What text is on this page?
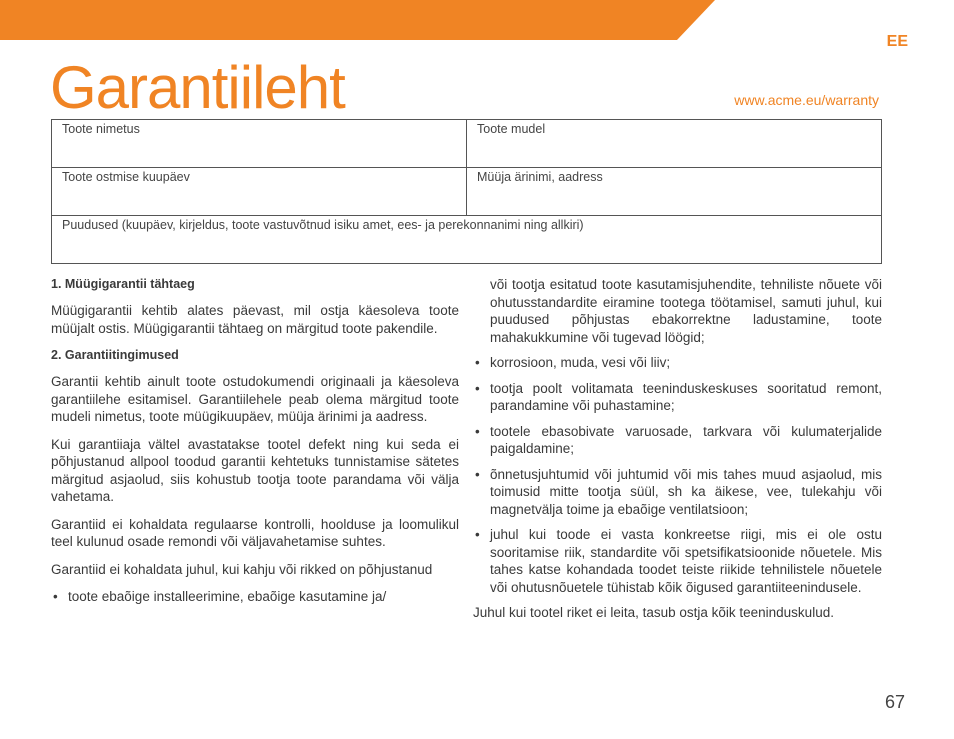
EE
Garantiileht	www.acme.eu/warranty
Toote nimetus	Toote mudel
Toote ostmise kuupäev	Müüja ärinimi, aadress
Puudused (kuupäev, kirjeldus, toote vastuvõtnud isiku amet, ees- ja perekonnanimi ning allkiri)	

1. Müügigarantii tähtaeg

Müügigarantii kehtib alates päevast, mil ostja käesoleva toote müüjalt ostis. Müügigarantii tähtaeg on märgitud toote pakendile.

2. Garantiitingimused

Garantii kehtib ainult toote ostudokumendi originaali ja käesoleva garantiilehe esitamisel. Garantiilehele peab olema märgitud toote mudeli nimetus, toote müügikuupäev, müüja ärinimi ja aadress.

Kui garantiiaja vältel avastatakse tootel defekt ning kui seda ei põhjustanud allpool toodud garantii kehtetuks tunnistamise sätetes märgitud asjaolud, siis kohustub tootja toote parandama või välja vahetama.

Garantiid ei kohaldata regulaarse kontrolli, hoolduse ja loomulikul teel kulunud osade remondi või väljavahetamise suhtes.

Garantiid ei kohaldata juhul, kui kahju või rikked on põhjustanud

• toote ebaõige installeerimine, ebaõige kasutamine ja/

või tootja esitatud toote kasutamisjuhendite, tehniliste nõuete või ohutusstandardite eiramine tootega töötamisel, samuti juhul, kui puudused põhjustas ebakorrektne ladustamine, toote mahakukkumine või tugevad löögid;

• korrosioon, muda, vesi või liiv;
• tootja poolt volitamata teeninduskeskuses sooritatud remont, parandamine või puhastamine;
• tootele ebasobivate varuosade, tarkvara või kulumaterjalide paigaldamine;
• õnnetusjuhtumid või juhtumid või mis tahes muud asjaolud, mis toimusid mitte tootja süül, sh ka äikese, vee, tulekahju või magnetvälja toime ja ebaõige ventilatsioon;
• juhul kui toode ei vasta konkreetse riigi, mis ei ole ostu sooritamise riik, standardite või spetsifikatsioonide nõuetele. Mis tahes katse kohandada toodet teiste riikide tehnilistele nõuetele või ohutusnõuetele tühistab kõik õigused garantiiteenindusele.

Juhul kui tootel riket ei leita, tasub ostja kõik teeninduskulud.

67
